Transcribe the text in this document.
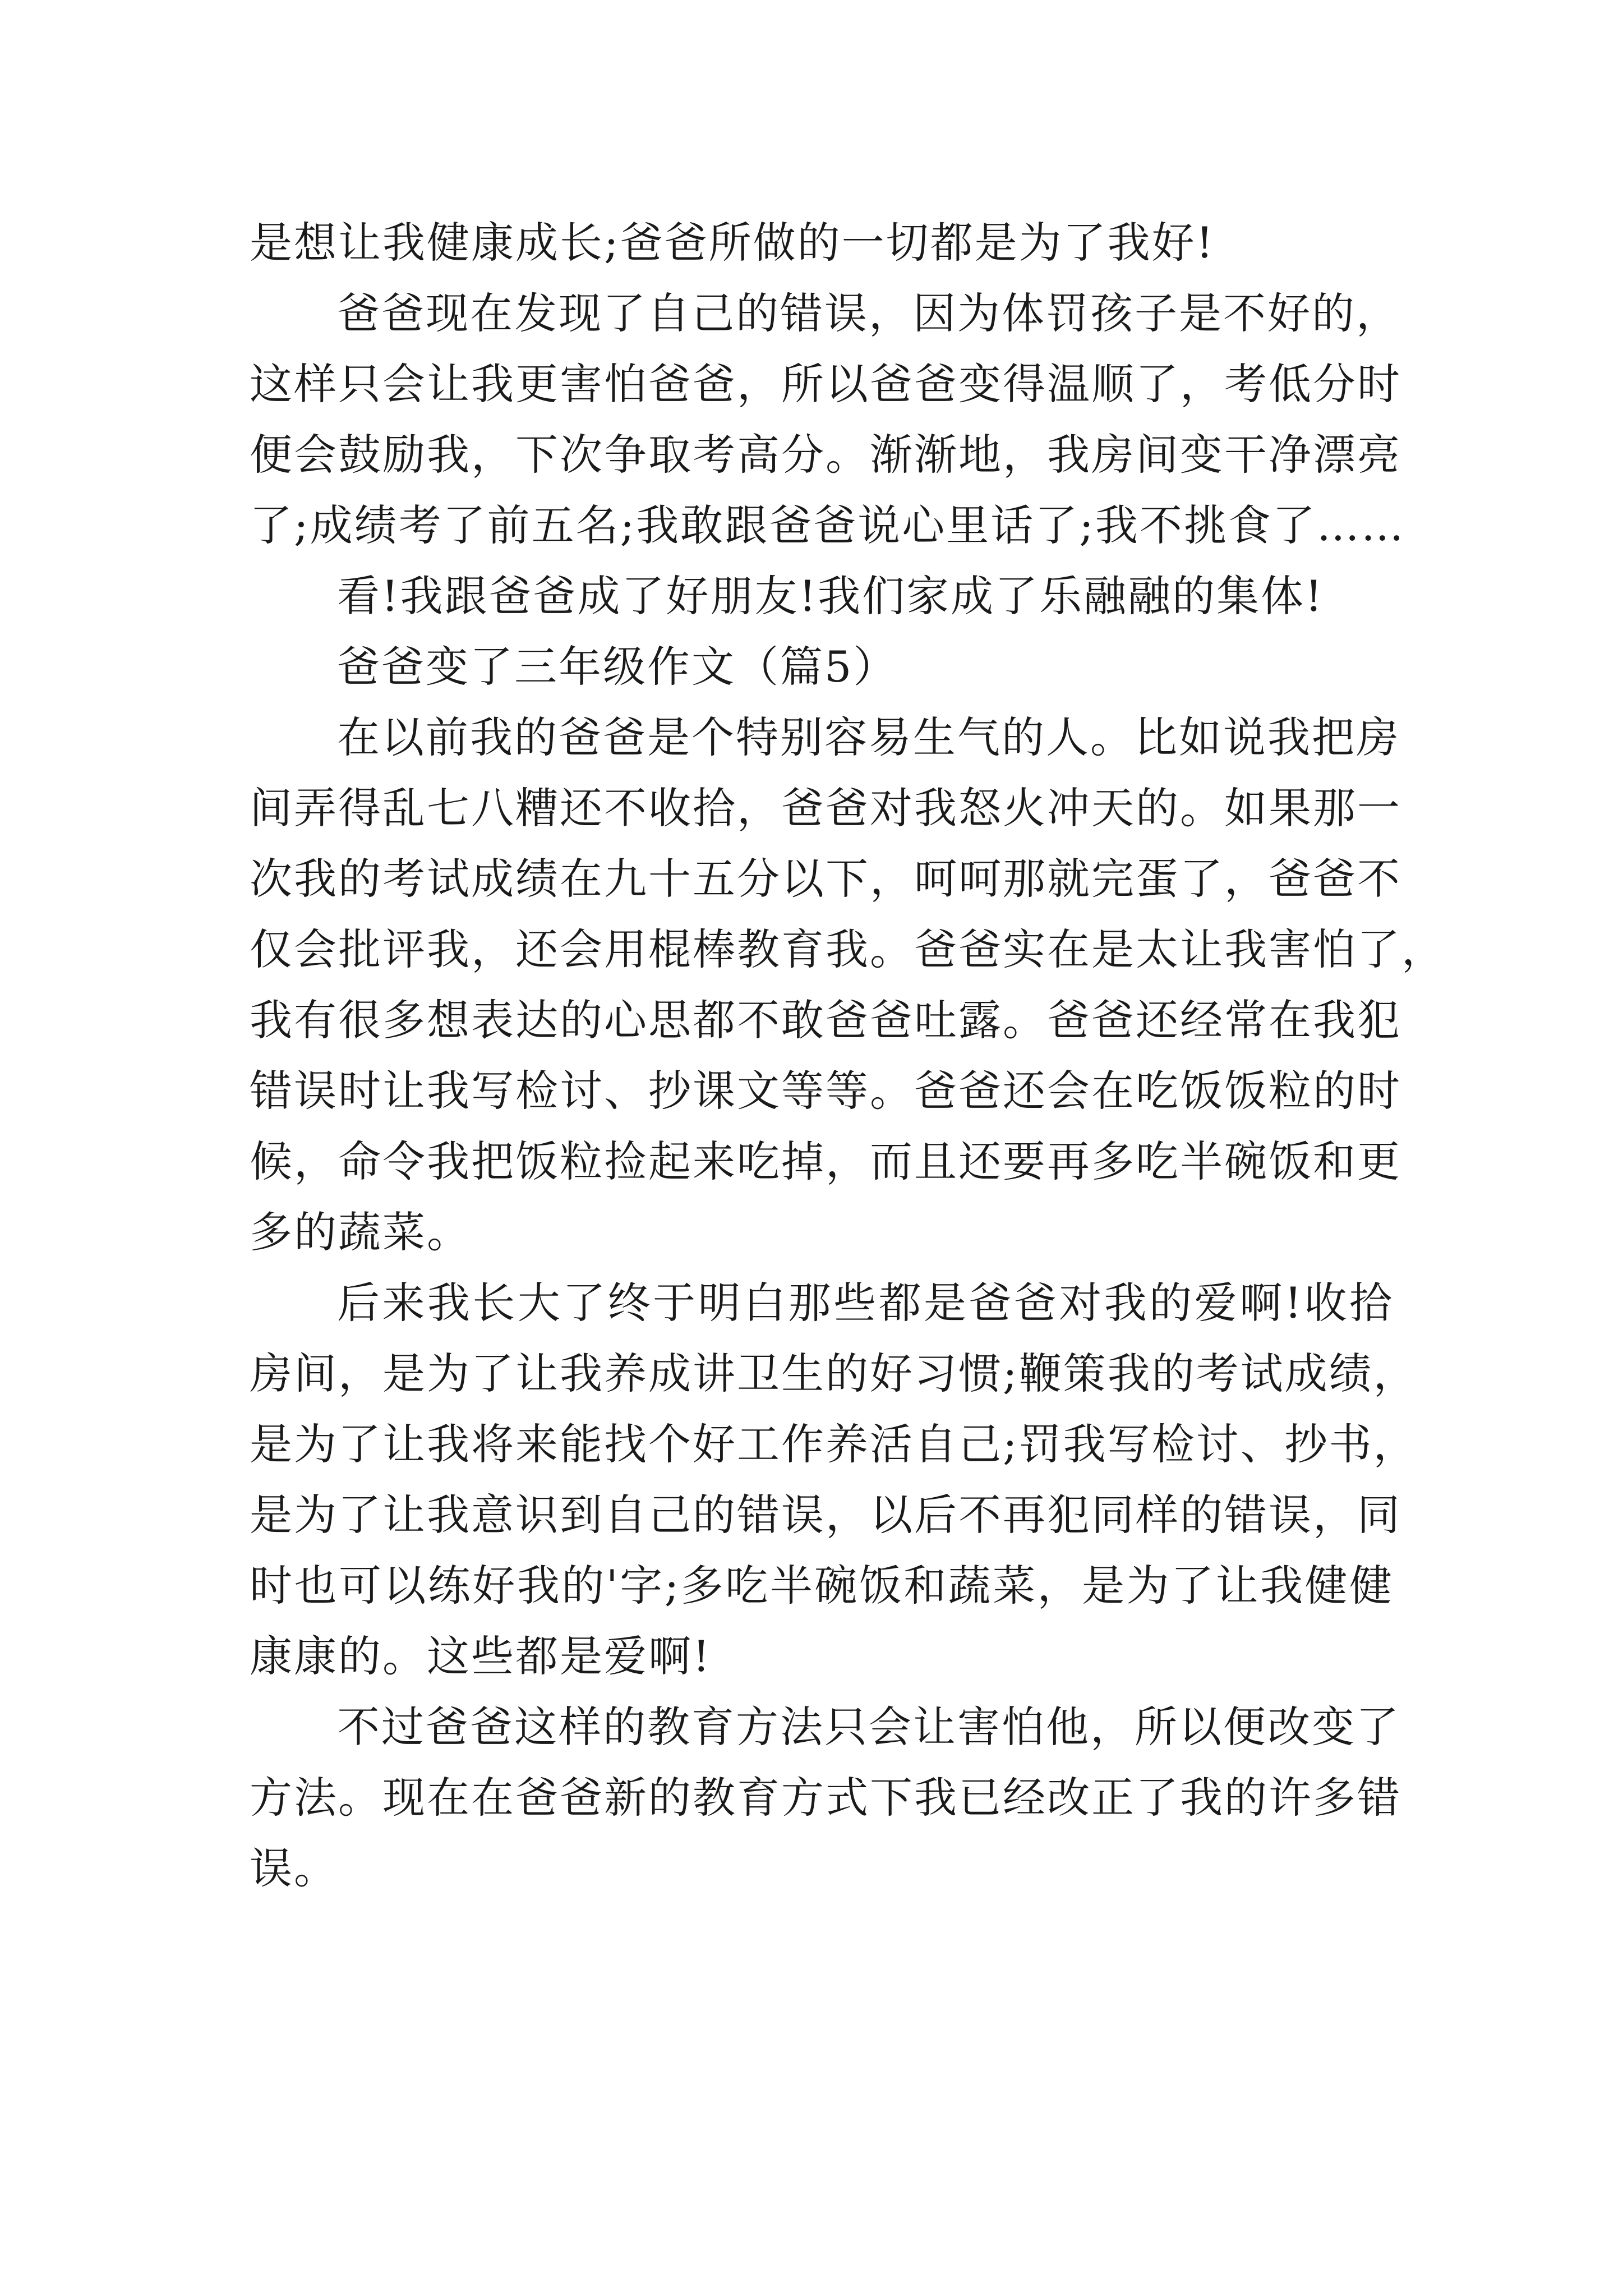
是想让我健康成长;爸爸所做的一切都是为了我好!
爸爸现在发现了自己的错误，因为体罚孩子是不好的，
这样只会让我更害怕爸爸，所以爸爸变得温顺了，考低分时
便会鼓励我，下次争取考高分。渐渐地，我房间变干净漂亮
了;成绩考了前五名;我敢跟爸爸说心里话了;我不挑食了……
看!我跟爸爸成了好朋友!我们家成了乐融融的集体!
爸爸变了三年级作文（篇5）
在以前我的爸爸是个特别容易生气的人。比如说我把房
间弄得乱七八糟还不收拾，爸爸对我怒火冲天的。如果那一
次我的考试成绩在九十五分以下，呵呵那就完蛋了，爸爸不
仅会批评我，还会用棍棒教育我。爸爸实在是太让我害怕了，
我有很多想表达的心思都不敢爸爸吐露。爸爸还经常在我犯
错误时让我写检讨、抄课文等等。爸爸还会在吃饭饭粒的时
候，命令我把饭粒捡起来吃掉，而且还要再多吃半碗饭和更
多的蔬菜。
后来我长大了终于明白那些都是爸爸对我的爱啊!收拾
房间，是为了让我养成讲卫生的好习惯;鞭策我的考试成绩，
是为了让我将来能找个好工作养活自己;罚我写检讨、抄书，
是为了让我意识到自己的错误，以后不再犯同样的错误，同
时也可以练好我的'字;多吃半碗饭和蔬菜，是为了让我健健
康康的。这些都是爱啊!
不过爸爸这样的教育方法只会让害怕他，所以便改变了
方法。现在在爸爸新的教育方式下我已经改正了我的许多错
误。
